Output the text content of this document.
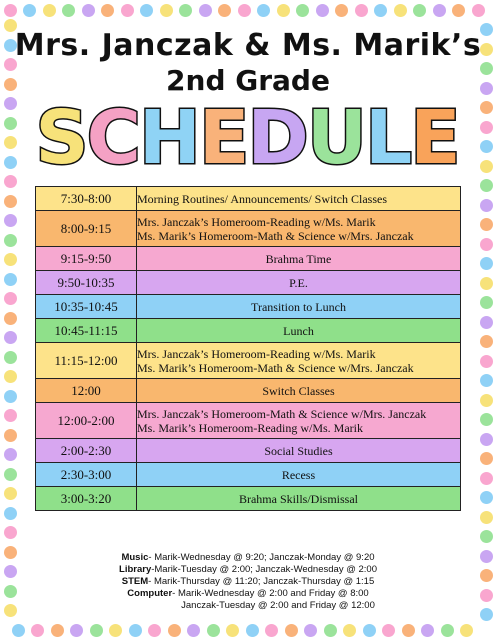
Mrs. Janczak & Ms. Marik’s
2nd Grade
S
C
H
E
D
U
L
E
7:30-8:00	Morning Routines/ Announcements/ Switch Classes

8:00-9:15	Mrs. Janczak’s Homeroom-Reading w/Ms. Marik
Ms. Marik’s Homeroom-Math & Science w/Mrs. Janczak

9:15-9:50	Brahma Time

9:50-10:35	P.E.

10:35-10:45	Transition to Lunch

10:45-11:15	Lunch

11:15-12:00	Mrs. Janczak’s Homeroom-Reading w/Ms. Marik
Ms. Marik’s Homeroom-Math & Science w/Mrs. Janczak

12:00	Switch Classes

12:00-2:00	Mrs. Janczak’s Homeroom-Math & Science w/Mrs. Janczak
Ms. Marik’s Homeroom-Reading w/Ms. Marik

2:00-2:30	Social Studies

2:30-3:00	Recess

3:00-3:20	Brahma Skills/Dismissal
Music- Marik-Wednesday @ 9:20; Janczak-Monday @ 9:20
Library-Marik-Tuesday @ 2:00; Janczak-Wednesday @ 2:00
STEM- Marik-Thursday @ 11:20; Janczak-Thursday @ 1:15
Computer- Marik-Wednesday @ 2:00 and Friday @ 8:00
Janczak-Tuesday @ 2:00 and Friday @ 12:00
